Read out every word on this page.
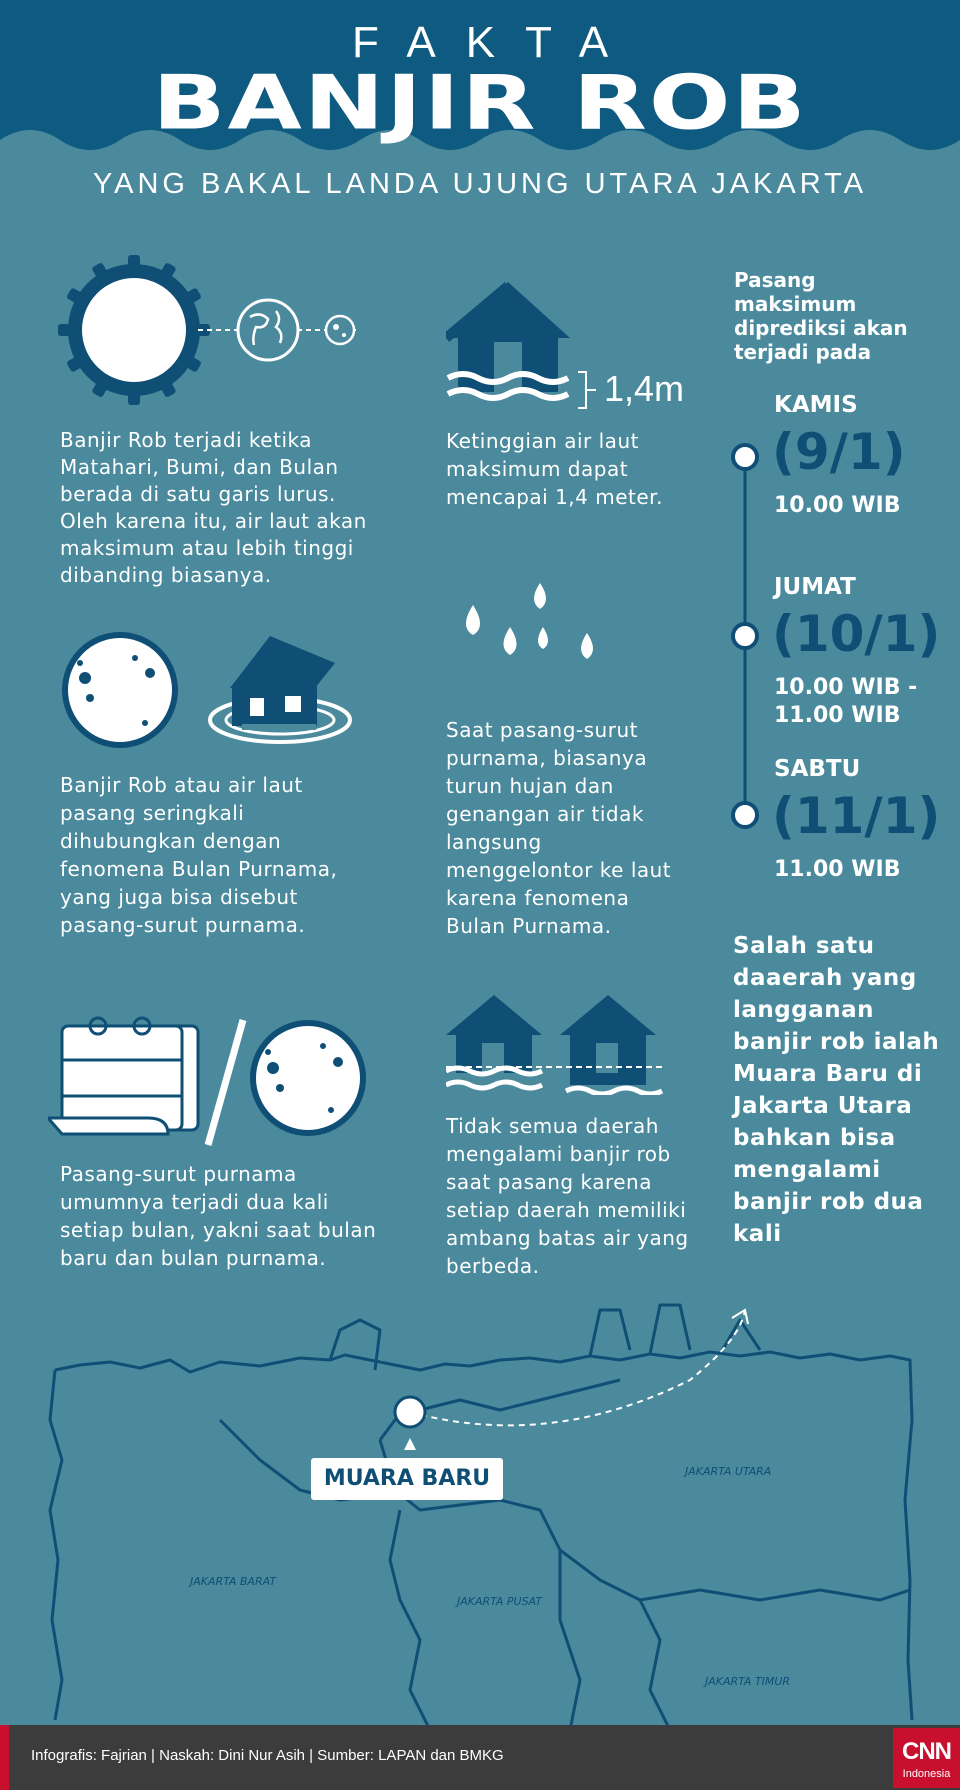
FAKTA
BANJIR ROB
YANG BAKAL LANDA UJUNG UTARA JAKARTA
Banjir Rob terjadi ketika Matahari, Bumi, dan Bulan berada di satu garis lurus. Oleh karena itu, air laut akan maksimum atau lebih tinggi dibanding biasanya.
Banjir Rob atau air laut pasang seringkali dihubungkan dengan fenomena Bulan Purnama, yang juga bisa disebut pasang-surut purnama.
Pasang-surut purnama umumnya terjadi dua kali setiap bulan, yakni saat bulan baru dan bulan purnama.
1,4m
Ketinggian air laut maksimum dapat mencapai 1,4 meter.
Saat pasang-surut purnama, biasanya turun hujan dan genangan air tidak langsung menggelontor ke laut karena fenomena Bulan Purnama.
Tidak semua daerah mengalami banjir rob saat pasang karena setiap daerah memiliki ambang batas air yang berbeda.
Pasang maksimum diprediksi akan terjadi pada
KAMIS
(9/1)
10.00 WIB
JUMAT
(10/1)
10.00 WIB - 11.00 WIB
SABTU
(11/1)
11.00 WIB
Salah satu daaerah yang langganan banjir rob ialah Muara Baru di Jakarta Utara bahkan bisa mengalami banjir rob dua kali
JAKARTA UTARA
JAKARTA BARAT
JAKARTA PUSAT
JAKARTA TIMUR
MUARA BARU
Infografis: Fajrian | Naskah: Dini Nur Asih | Sumber: LAPAN dan BMKG	CNN
Indonesia
